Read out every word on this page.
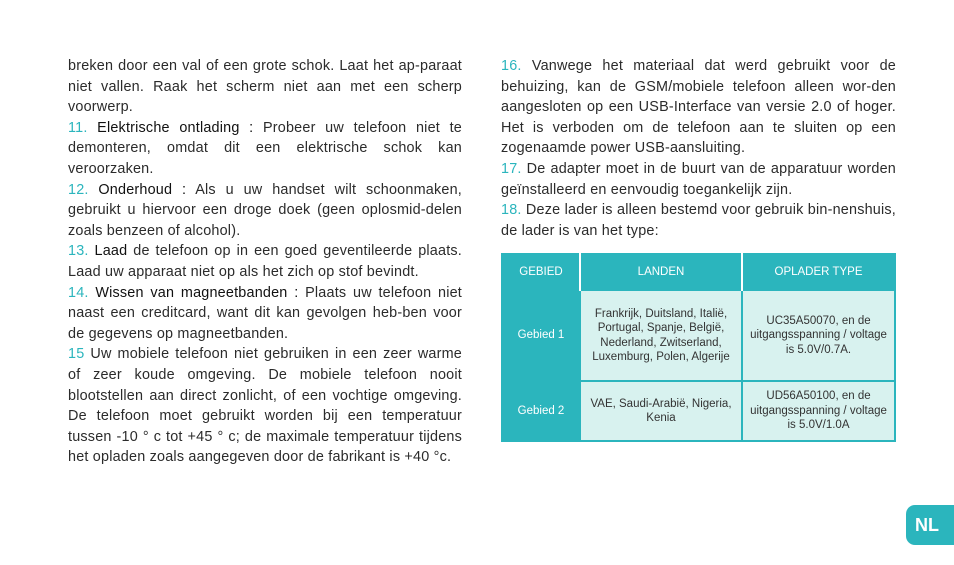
breken door een val of een grote schok. Laat het ap-paraat niet vallen. Raak het scherm niet aan met een scherp voorwerp.

11. Elektrische ontlading : Probeer uw telefoon niet te demonteren, omdat dit een elektrische schok kan veroorzaken.

12. Onderhoud : Als u uw handset wilt schoonmaken, gebruikt u hiervoor een droge doek (geen oplosmid-delen zoals benzeen of alcohol).

13. Laad de telefoon op in een goed geventileerde plaats. Laad uw apparaat niet op als het zich op stof bevindt.

14. Wissen van magneetbanden : Plaats uw telefoon niet naast een creditcard, want dit kan gevolgen heb-ben voor de gegevens op magneetbanden.

15 Uw mobiele telefoon niet gebruiken in een zeer warme of zeer koude omgeving. De mobiele telefoon nooit blootstellen aan direct zonlicht, of een vochtige omgeving. De telefoon moet gebruikt worden bij een temperatuur tussen -10 ° c tot +45 ° c; de maximale temperatuur tijdens het opladen zoals aangegeven door de fabrikant is +40 °c.

16. Vanwege het materiaal dat werd gebruikt voor de behuizing, kan de GSM/mobiele telefoon alleen wor-den aangesloten op een USB-Interface van versie 2.0 of hoger. Het is verboden om de telefoon aan te sluiten op een zogenaamde power USB-aansluiting.

17. De adapter moet in de buurt van de apparatuur worden geïnstalleerd en eenvoudig toegankelijk zijn.

18. Deze lader is alleen bestemd voor gebruik bin-nenshuis, de lader is van het type:

GEBIED	LANDEN	OPLADER TYPE
Gebied 1	Frankrijk, Duitsland, Italië, Portugal, Spanje, België, Nederland, Zwitserland, Luxemburg, Polen, Algerije	UC35A50070, en de uitgangsspanning / voltage is 5.0V/0.7A.
Gebied 2	VAE, Saudi-Arabië, Nigeria, Kenia	UD56A50100, en de uitgangsspanning / voltage is 5.0V/1.0A
NL
